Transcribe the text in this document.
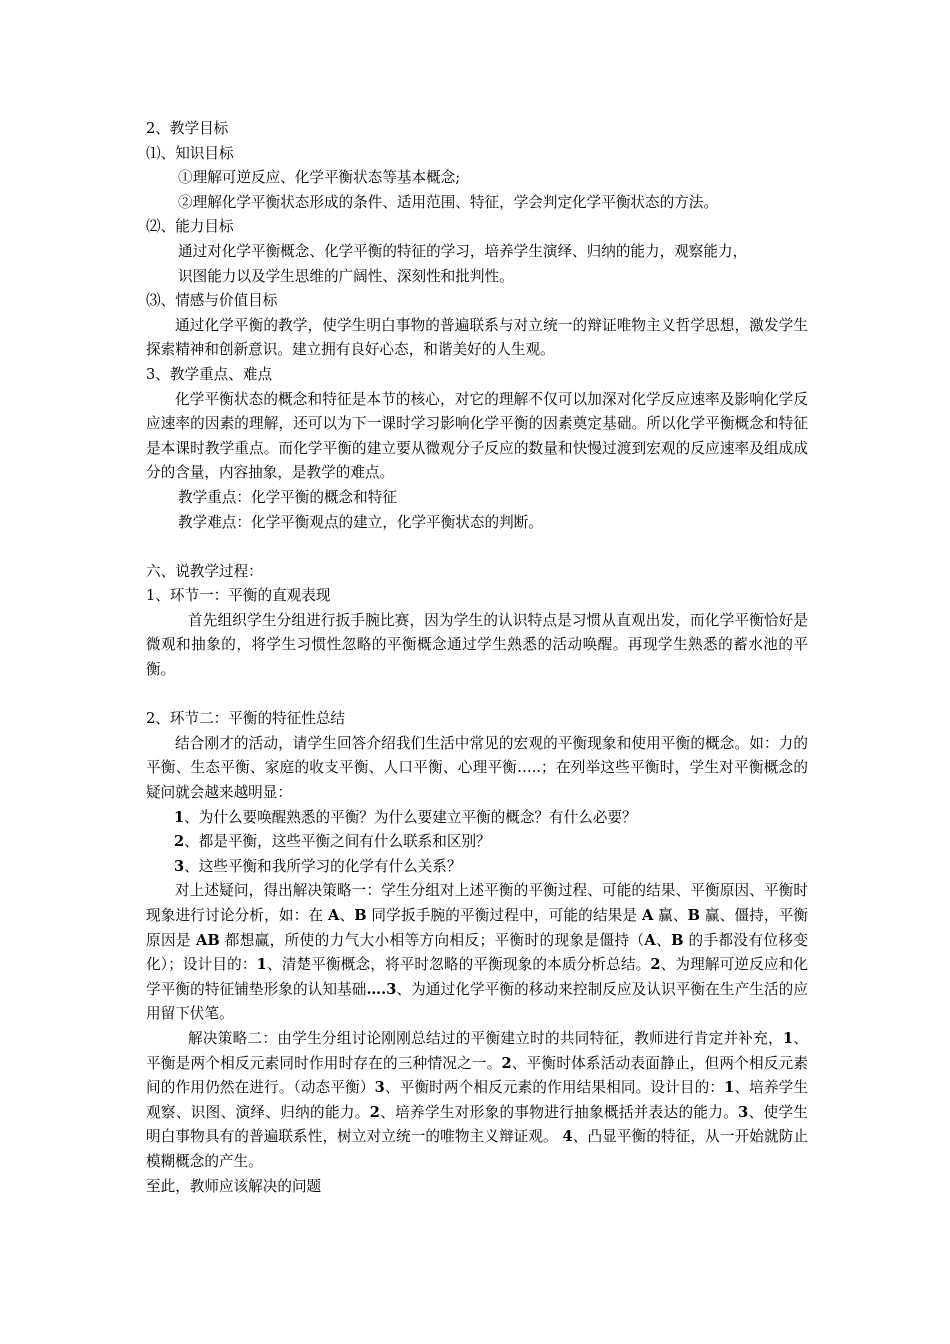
2、教学目标

⑴、知识目标

①理解可逆反应、化学平衡状态等基本概念;

②理解化学平衡状态形成的条件、适用范围、特征，学会判定化学平衡状态的方法。

⑵、能力目标

通过对化学平衡概念、化学平衡的特征的学习，培养学生演绎、归纳的能力，观察能力，

识图能力以及学生思维的广阔性、深刻性和批判性。

⑶、情感与价值目标

通过化学平衡的教学，使学生明白事物的普遍联系与对立统一的辩证唯物主义哲学思想，激发学生探索精神和创新意识。建立拥有良好心态，和谐美好的人生观。

3、教学重点、难点

化学平衡状态的概念和特征是本节的核心，对它的理解不仅可以加深对化学反应速率及影响化学反应速率的因素的理解，还可以为下一课时学习影响化学平衡的因素奠定基础。所以化学平衡概念和特征是本课时教学重点。而化学平衡的建立要从微观分子反应的数量和快慢过渡到宏观的反应速率及组成成分的含量，内容抽象，是教学的难点。

教学重点：化学平衡的概念和特征

教学难点：化学平衡观点的建立，化学平衡状态的判断。

六、说教学过程：

1、环节一：平衡的直观表现

首先组织学生分组进行扳手腕比赛，因为学生的认识特点是习惯从直观出发，而化学平衡恰好是微观和抽象的，将学生习惯性忽略的平衡概念通过学生熟悉的活动唤醒。再现学生熟悉的蓄水池的平衡。

2、环节二：平衡的特征性总结

结合刚才的活动，请学生回答介绍我们生活中常见的宏观的平衡现象和使用平衡的概念。如：力的平衡、生态平衡、家庭的收支平衡、人口平衡、心理平衡…..；在列举这些平衡时，学生对平衡概念的疑问就会越来越明显：

1、为什么要唤醒熟悉的平衡？为什么要建立平衡的概念？有什么必要？

2、都是平衡，这些平衡之间有什么联系和区别？

3、这些平衡和我所学习的化学有什么关系？

对上述疑问，得出解决策略一：学生分组对上述平衡的平衡过程、可能的结果、平衡原因、平衡时现象进行讨论分析，如：在 A、B 同学扳手腕的平衡过程中，可能的结果是 A 赢、B 赢、僵持，平衡原因是 AB 都想赢，所使的力气大小相等方向相反；平衡时的现象是僵持（A、B 的手都没有位移变化）；设计目的：1、清楚平衡概念，将平时忽略的平衡现象的本质分析总结。2、为理解可逆反应和化学平衡的特征铺垫形象的认知基础….3、为通过化学平衡的移动来控制反应及认识平衡在生产生活的应用留下伏笔。

解决策略二：由学生分组讨论刚刚总结过的平衡建立时的共同特征，教师进行肯定并补充，1、平衡是两个相反元素同时作用时存在的三种情况之一。2、平衡时体系活动表面静止，但两个相反元素间的作用仍然在进行。（动态平衡）3、平衡时两个相反元素的作用结果相同。设计目的：1、培养学生观察、识图、演绎、归纳的能力。2、培养学生对形象的事物进行抽象概括并表达的能力。3、使学生明白事物具有的普遍联系性，树立对立统一的唯物主义辩证观。 4、凸显平衡的特征，从一开始就防止模糊概念的产生。

至此，教师应该解决的问题
